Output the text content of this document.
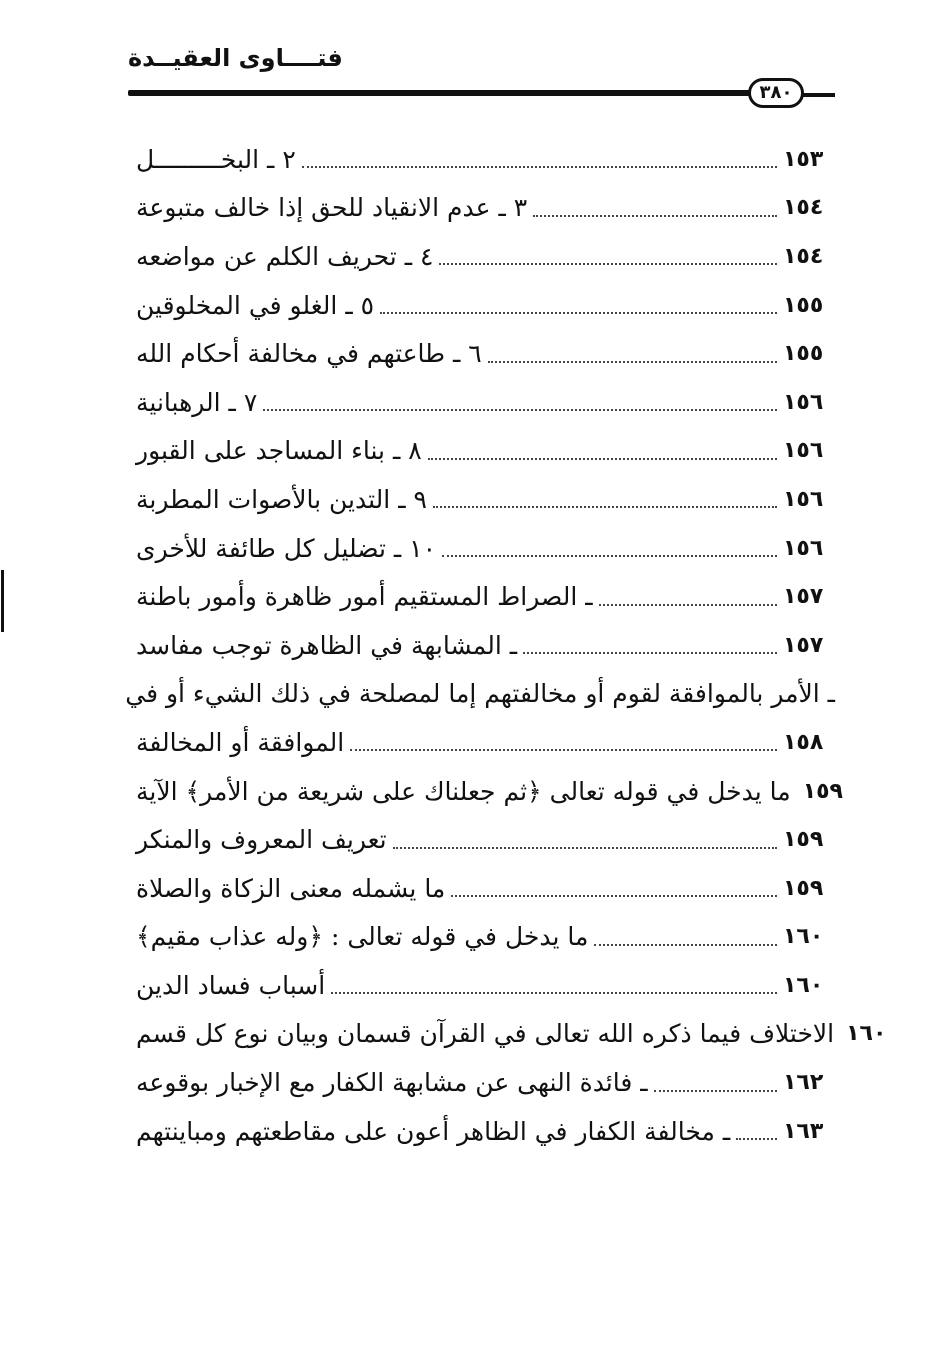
فتــــاوى العقيــدة
٣٨٠
٢ ـ البخـــــــــل	١٥٣
٣ ـ عدم الانقياد للحق إذا خالف متبوعة	١٥٤
٤ ـ تحريف الكلم عن مواضعه	١٥٤
٥ ـ الغلو في المخلوقين	١٥٥
٦ ـ طاعتهم في مخالفة أحكام الله	١٥٥
٧ ـ الرهبانية	١٥٦
٨ ـ بناء المساجد على القبور	١٥٦
٩ ـ التدين بالأصوات المطربة	١٥٦
١٠ ـ تضليل كل طائفة للأخرى	١٥٦
ـ الصراط المستقيم أمور ظاهرة وأمور باطنة	١٥٧
ـ المشابهة في الظاهرة توجب مفاسد	١٥٧
ـ الأمر بالموافقة لقوم أو مخالفتهم إما لمصلحة في ذلك الشيء أو في
الموافقة أو المخالفة	١٥٨
ما يدخل في قوله تعالى ﴿ثم جعلناك على شريعة من الأمر﴾ الآية ١٥٩
تعريف المعروف والمنكر	١٥٩
ما يشمله معنى الزكاة والصلاة	١٥٩
ما يدخل في قوله تعالى : ﴿وله عذاب مقيم﴾	١٦٠
أسباب فساد الدين	١٦٠
الاختلاف فيما ذكره الله تعالى في القرآن قسمان وبيان نوع كل قسم ١٦٠
ـ فائدة النهى عن مشابهة الكفار مع الإخبار بوقوعه	١٦٢
ـ مخالفة الكفار في الظاهر أعون على مقاطعتهم ومباينتهم ١٦٣
